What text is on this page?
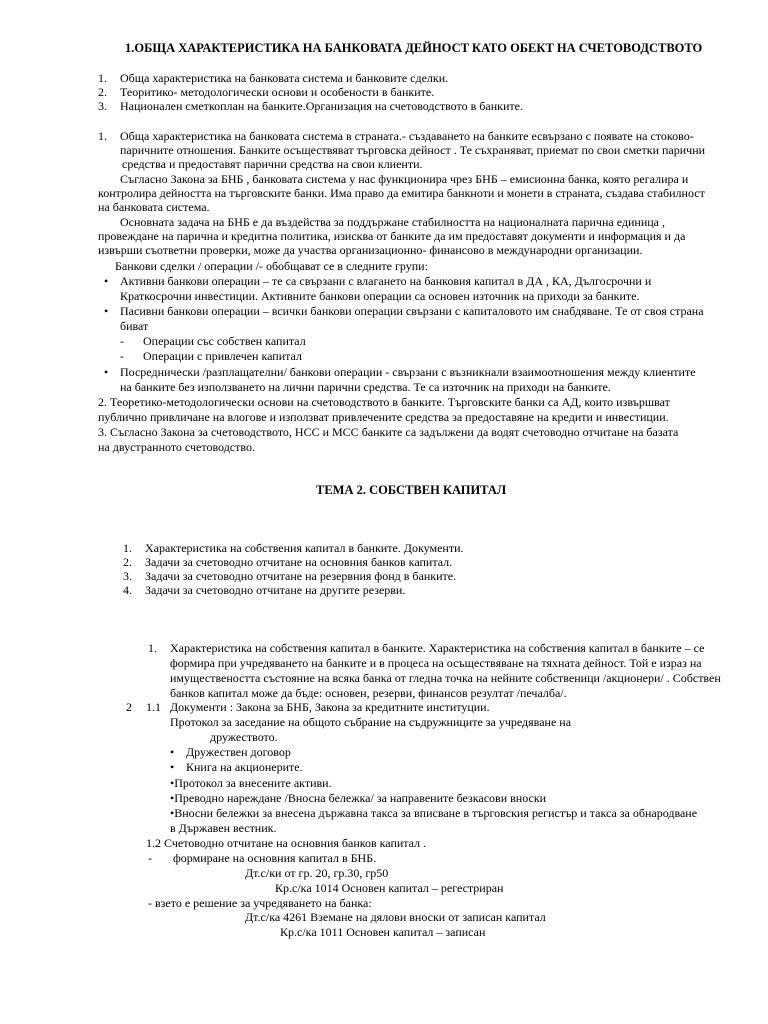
1.ОБЩА ХАРАКТЕРИСТИКА НА БАНКОВАТА ДЕЙНОСТ КАТО ОБЕКТ НА СЧЕТОВОДСТВОТО
1. Обща характеристика на банковата система и банковите сделки.
2. Теоритико- методологически основи и особености в банките.
3. Национален сметкоплан на банките.Организация на счетоводството в банките.
1. Обща характеристика на банковата система в страната.- създаването на банките есвързано с появате на стоково-
паричните отношения. Банките осъществяват търговска дейност . Те съхраняват, приемат по свои сметки парични
средства и предоставят парични средства на свои клиенти.
Съгласно Закона за БНБ , банковата система у нас функционира чрез БНБ – емисионна банка, която регалира и
контролира дейността на търговските банки. Има право да емитира банкноти и монети в страната, създава стабилност
на банковата система.
Основната задача на БНБ е да въздейства за поддържане стабилността на националната парична единица ,
провеждане на парична и кредитна политика, изисква от банките да им предоставят документи и информация и да
извърши съответни проверки, може да участва организационно- финансово в международни организации.
Банкови сделки / операции /- обобщават се в следните групи:
• Активни банкови операции – те са свързани с влагането на банковия капитал в ДА , КА, Дългосрочни и
Краткосрочни инвестиции. Активните банкови операции са основен източник на приходи за банките.
• Пасивни банкови операции – всички банкови операции свързани с капиталовото им снабдяване. Те от своя страна
биват
- Операции със собствен капитал
- Операции с привлечен капитал
• Посреднически /разплащателни/ банкови операции - свързани с възникнали взаимоотношения между клиентите
на банките без използването на лични парични средства. Те са източник на приходи на банките.
2. Теоретико-методологически основи на счетоводството в банките. Търговските банки са АД, които извършват
публично привличане на влогове и използват привлечените средства за предоставяне на кредити и инвестиции.
3. Съгласно Закона за счетоводството, НСС и МСС банките са задължени да водят счетоводно отчитане на базата
на двустранното счетоводство.
ТЕМА 2. СОБСТВЕН КАПИТАЛ
1. Характеристика на собствения капитал в банките. Документи.
2. Задачи за счетоводно отчитане на основния банков капитал.
3. Задачи за счетоводно отчитане на резервния фонд в банките.
4. Задачи за счетоводно отчитане на другите резерви.
1. Характеристика на собствения капитал в банките. Характеристика на собствения капитал в банките – се
формира при учредяването на банките и в процеса на осъществяване на тяхната дейност. Той е израз на
имуществеността състояние на всяка банка от гледна точка на нейните собственици /акционери/ . Собствен
банков капитал може да бъде: основен, резерви, финансов резултат /печалба/.
2 1.1 Документи : Закона за БНБ, Закона за кредитните институции.
Протокол за заседание на общото събрание на съдружниците за учредяване на
дружеството.
• Дружествен договор
• Книга на акционерите.
•Протокол за внесените активи.
•Преводно нареждане /Вносна бележка/ за направените безкасови вноски
•Вносни бележки за внесена държавна такса за вписване в търговския регистър и такса за обнародване
в Държавен вестник.
1.2 Счетоводно отчитане на основния банков капитал .
- формиране на основния капитал в БНБ.
Дт.с/ки от гр. 20, гр.30, гр50
Кр.с/ка 1014 Основен капитал – регестриран
- взето е решение за учредяването на банка:
Дт.с/ка 4261 Вземане на дялови вноски от записан капитал
Кр.с/ка 1011 Основен капитал – записан
